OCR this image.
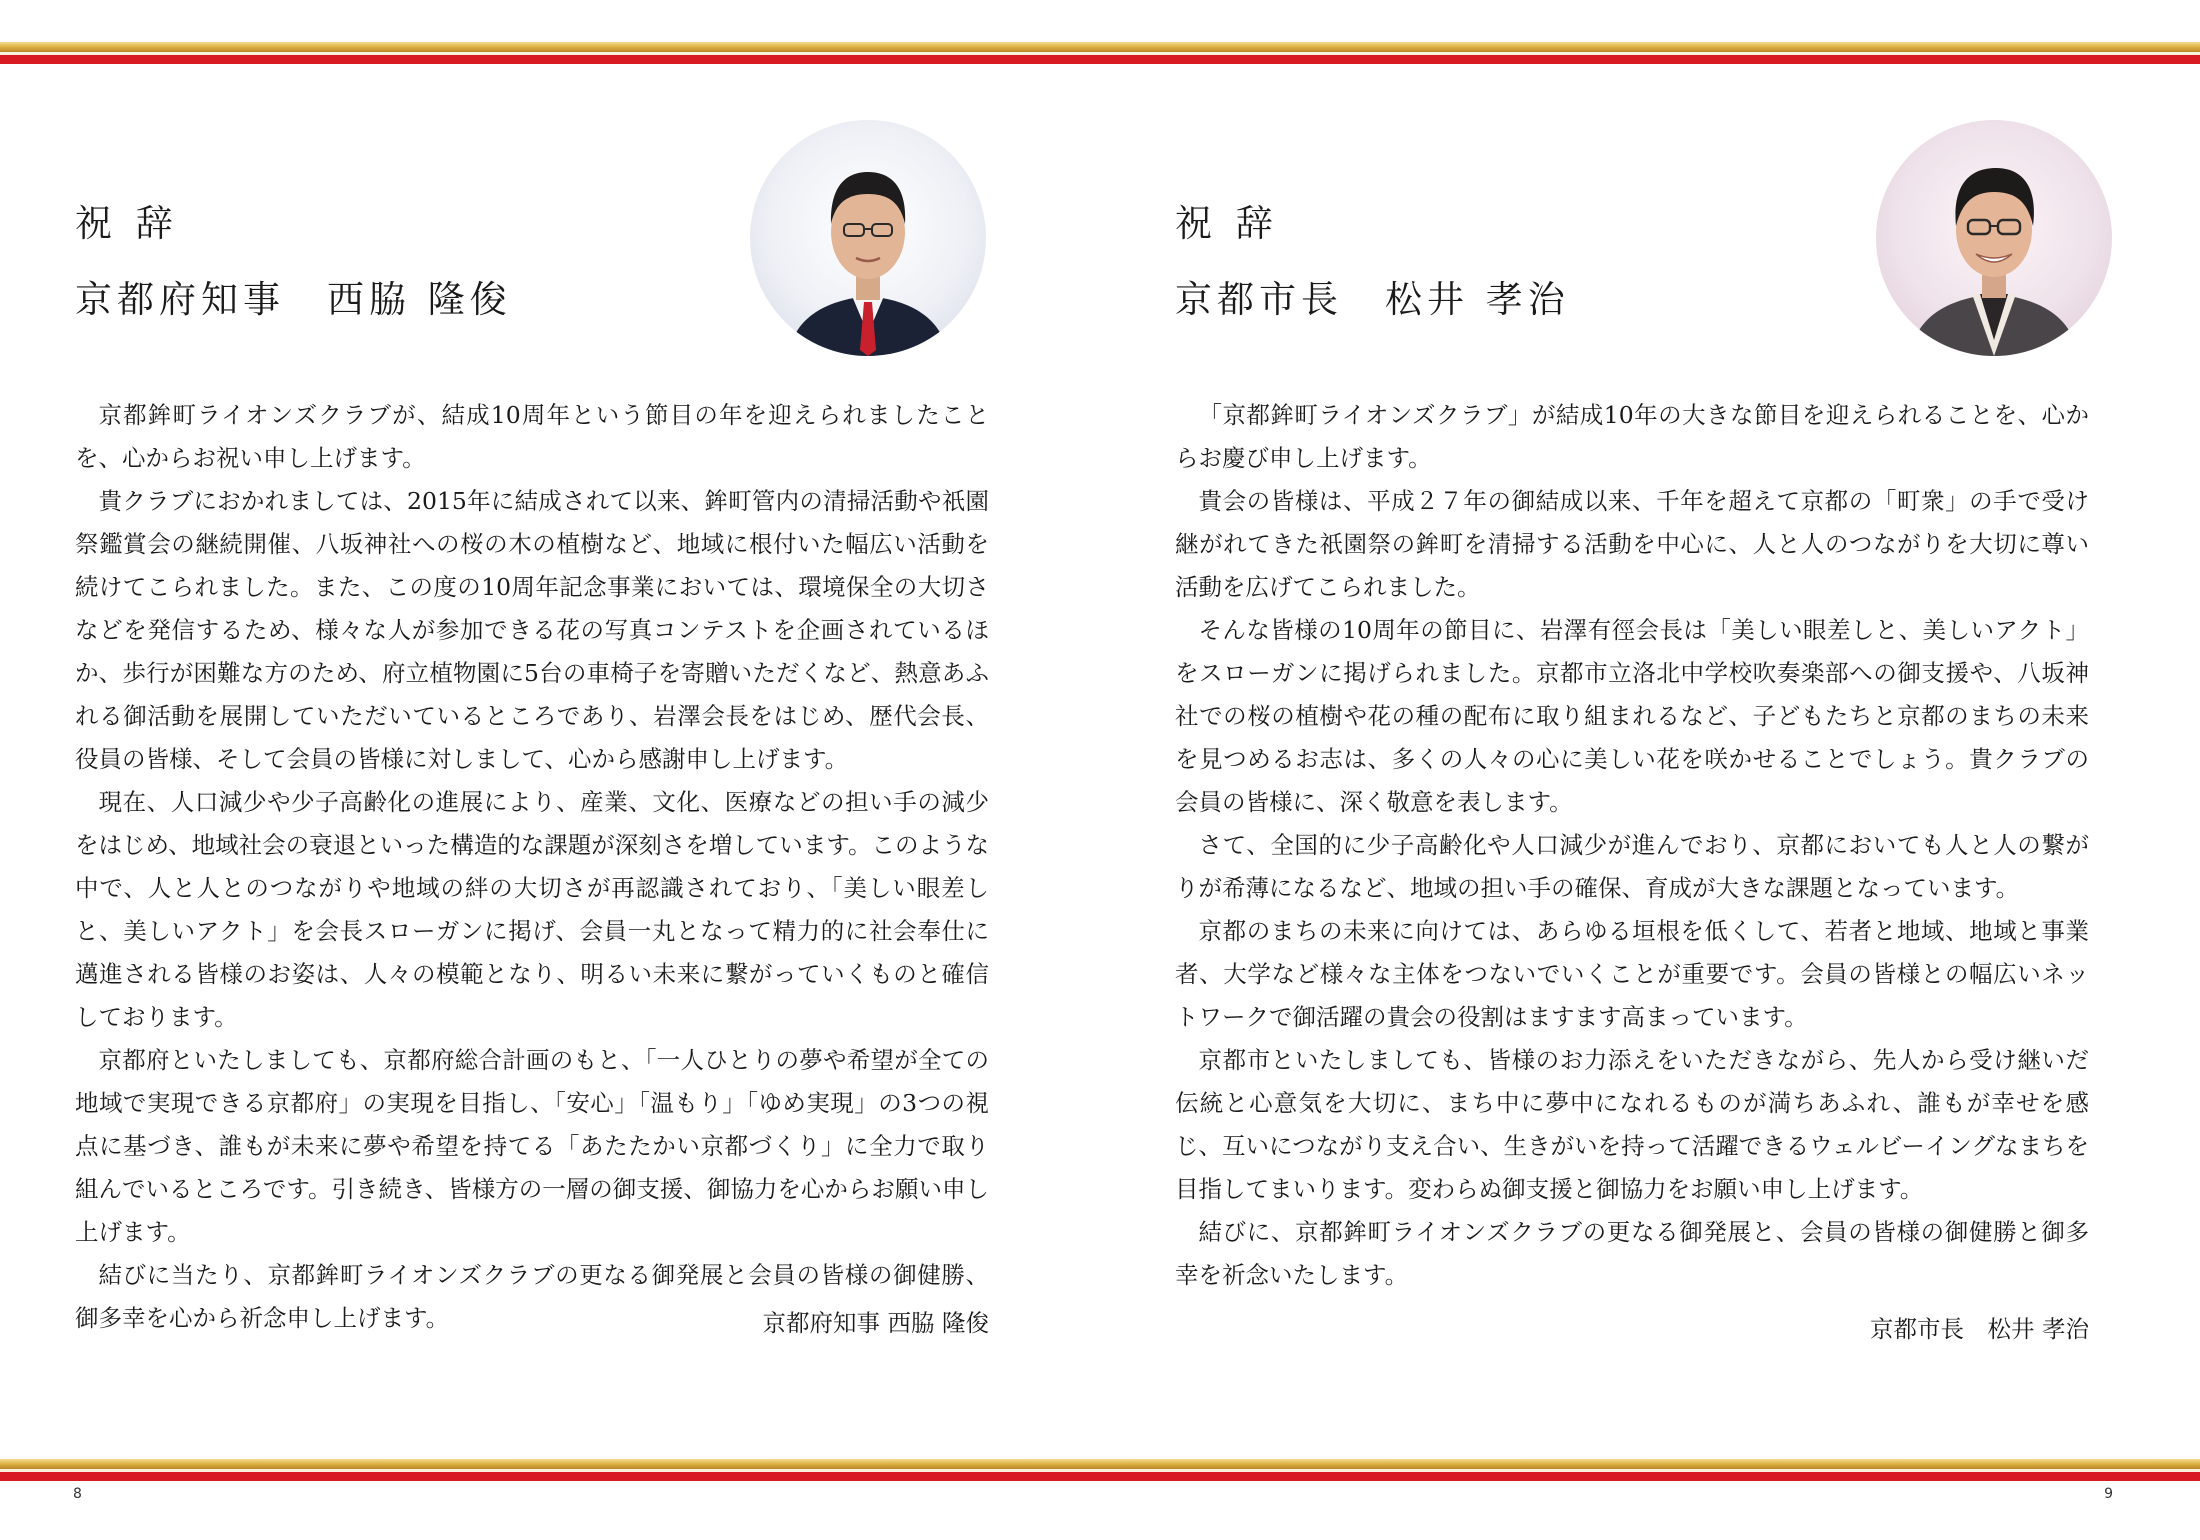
祝 辞
京都府知事　西脇 隆俊

京都鉾町ライオンズクラブが、結成10周年という節目の年を迎えられましたことを、心からお祝い申し上げます。

貴クラブにおかれましては、2015年に結成されて以来、鉾町管内の清掃活動や祇園祭鑑賞会の継続開催、八坂神社への桜の木の植樹など、地域に根付いた幅広い活動を続けてこられました。また、この度の10周年記念事業においては、環境保全の大切さなどを発信するため、様々な人が参加できる花の写真コンテストを企画されているほか、歩行が困難な方のため、府立植物園に5台の車椅子を寄贈いただくなど、熱意あふれる御活動を展開していただいているところであり、岩澤会長をはじめ、歴代会長、役員の皆様、そして会員の皆様に対しまして、心から感謝申し上げます。

現在、人口減少や少子高齢化の進展により、産業、文化、医療などの担い手の減少をはじめ、地域社会の衰退といった構造的な課題が深刻さを増しています。このような中で、人と人とのつながりや地域の絆の大切さが再認識されており、「美しい眼差しと、美しいアクト」を会長スローガンに掲げ、会員一丸となって精力的に社会奉仕に邁進される皆様のお姿は、人々の模範となり、明るい未来に繋がっていくものと確信しております。

京都府といたしましても、京都府総合計画のもと、「一人ひとりの夢や希望が全ての地域で実現できる京都府」の実現を目指し、「安心」「温もり」「ゆめ実現」の3つの視点に基づき、誰もが未来に夢や希望を持てる「あたたかい京都づくり」に全力で取り組んでいるところです。引き続き、皆様方の一層の御支援、御協力を心からお願い申し上げます。

結びに当たり、京都鉾町ライオンズクラブの更なる御発展と会員の皆様の御健勝、御多幸を心から祈念申し上げます。	京都府知事 西脇 隆俊
8
祝 辞
京都市長　松井 孝治

「京都鉾町ライオンズクラブ」が結成10年の大きな節目を迎えられることを、心からお慶び申し上げます。

貴会の皆様は、平成２７年の御結成以来、千年を超えて京都の「町衆」の手で受け継がれてきた祇園祭の鉾町を清掃する活動を中心に、人と人のつながりを大切に尊い活動を広げてこられました。

そんな皆様の10周年の節目に、岩澤有徑会長は「美しい眼差しと、美しいアクト」をスローガンに掲げられました。京都市立洛北中学校吹奏楽部への御支援や、八坂神社での桜の植樹や花の種の配布に取り組まれるなど、子どもたちと京都のまちの未来を見つめるお志は、多くの人々の心に美しい花を咲かせることでしょう。貴クラブの会員の皆様に、深く敬意を表します。

さて、全国的に少子高齢化や人口減少が進んでおり、京都においても人と人の繋がりが希薄になるなど、地域の担い手の確保、育成が大きな課題となっています。

京都のまちの未来に向けては、あらゆる垣根を低くして、若者と地域、地域と事業者、大学など様々な主体をつないでいくことが重要です。会員の皆様との幅広いネットワークで御活躍の貴会の役割はますます高まっています。

京都市といたしましても、皆様のお力添えをいただきながら、先人から受け継いだ伝統と心意気を大切に、まち中に夢中になれるものが満ちあふれ、誰もが幸せを感じ、互いにつながり支え合い、生きがいを持って活躍できるウェルビーイングなまちを目指してまいります。変わらぬ御支援と御協力をお願い申し上げます。

結びに、京都鉾町ライオンズクラブの更なる御発展と、会員の皆様の御健勝と御多幸を祈念いたします。

京都市長　松井 孝治
9
